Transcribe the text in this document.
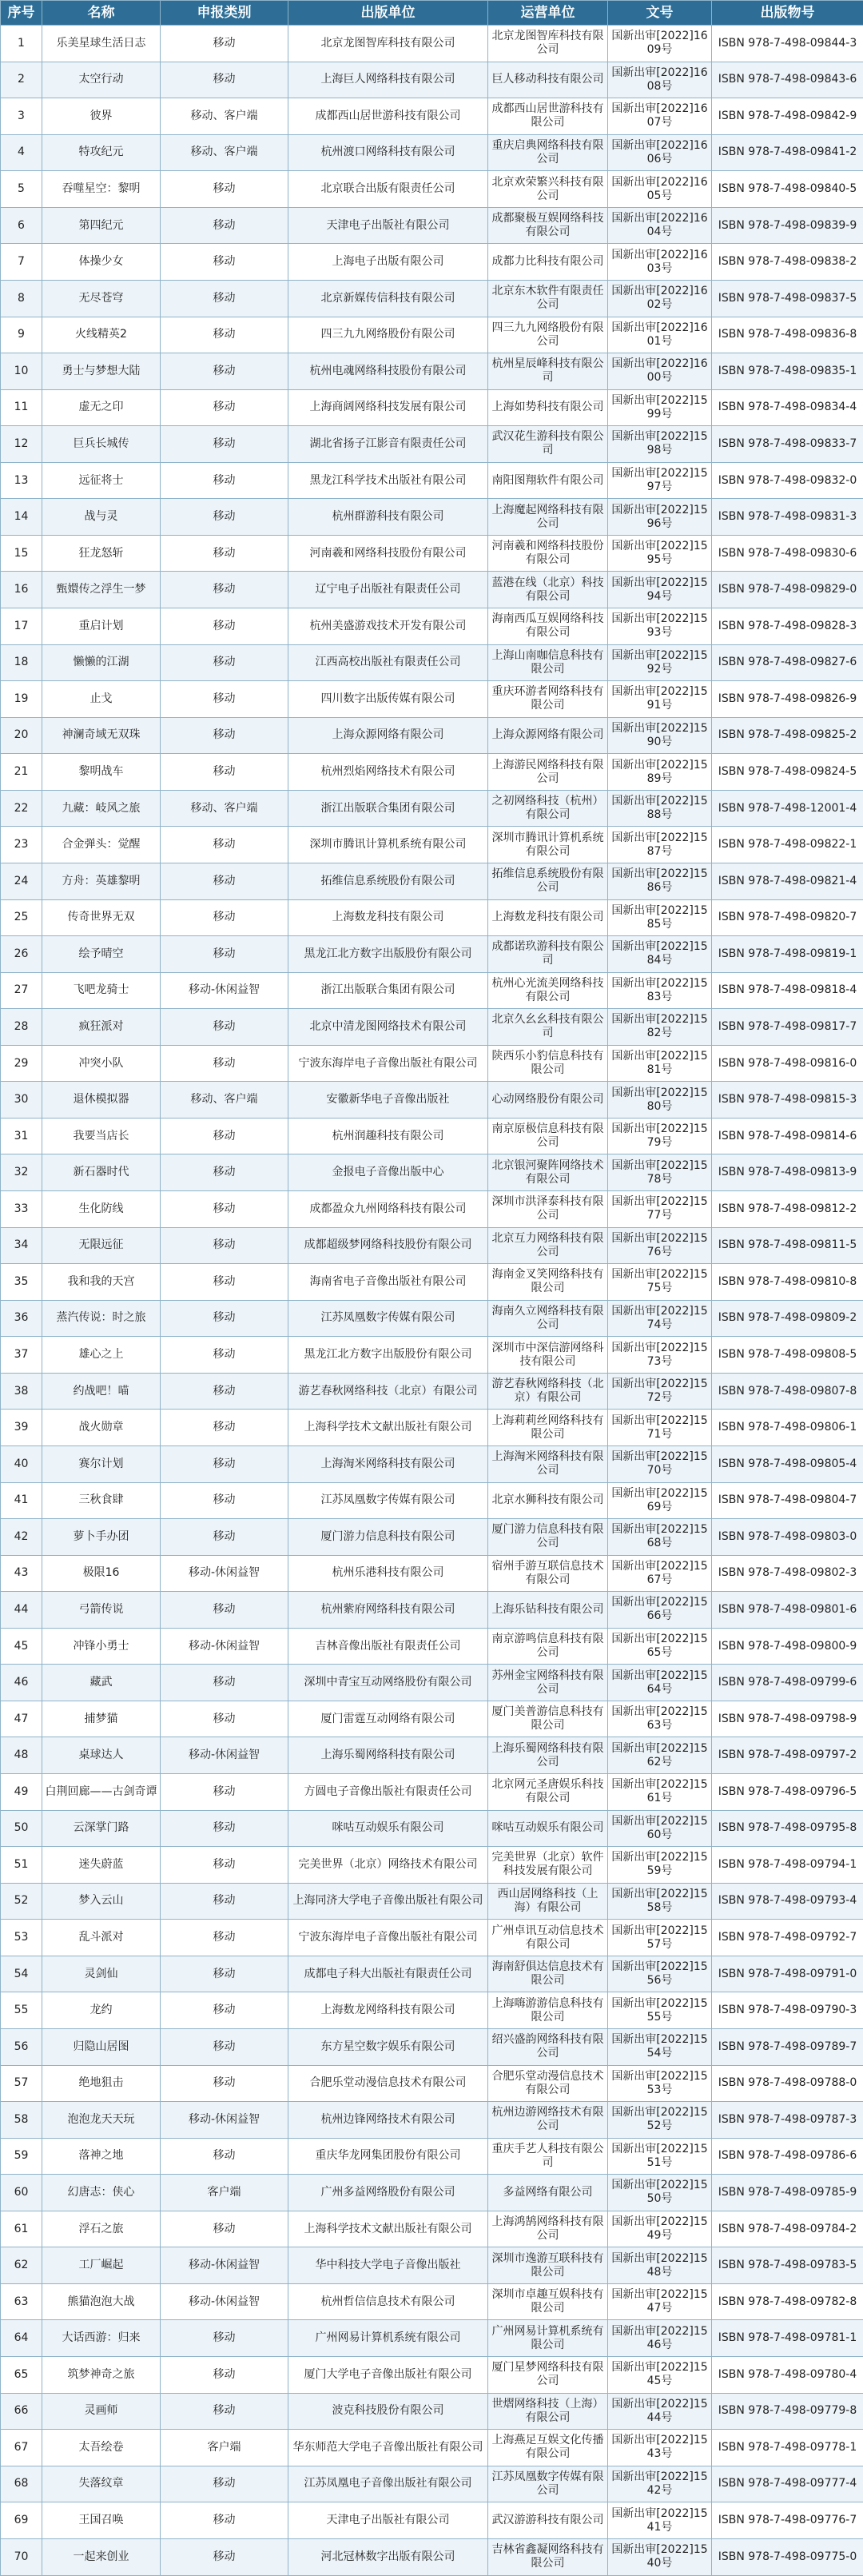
序号	名称	申报类别	出版单位	运营单位	文号	出版物号
1	乐美星球生活日志	移动	北京龙图智库科技有限公司	北京龙图智库科技有限公司	国新出审[2022]1609号	ISBN 978-7-498-09844-3
2	太空行动	移动	上海巨人网络科技有限公司	巨人移动科技有限公司	国新出审[2022]1608号	ISBN 978-7-498-09843-6
3	彼界	移动、客户端	成都西山居世游科技有限公司	成都西山居世游科技有限公司	国新出审[2022]1607号	ISBN 978-7-498-09842-9
4	特攻纪元	移动、客户端	杭州渡口网络科技有限公司	重庆启典网络科技有限公司	国新出审[2022]1606号	ISBN 978-7-498-09841-2
5	吞噬星空：黎明	移动	北京联合出版有限责任公司	北京欢荣繁兴科技有限公司	国新出审[2022]1605号	ISBN 978-7-498-09840-5
6	第四纪元	移动	天津电子出版社有限公司	成都聚极互娱网络科技有限公司	国新出审[2022]1604号	ISBN 978-7-498-09839-9
7	体操少女	移动	上海电子出版有限公司	成都力比科技有限公司	国新出审[2022]1603号	ISBN 978-7-498-09838-2
8	无尽苍穹	移动	北京新媒传信科技有限公司	北京东木软件有限责任公司	国新出审[2022]1602号	ISBN 978-7-498-09837-5
9	火线精英2	移动	四三九九网络股份有限公司	四三九九网络股份有限公司	国新出审[2022]1601号	ISBN 978-7-498-09836-8
10	勇士与梦想大陆	移动	杭州电魂网络科技股份有限公司	杭州星辰峰科技有限公司	国新出审[2022]1600号	ISBN 978-7-498-09835-1
11	虚无之印	移动	上海商阔网络科技发展有限公司	上海如势科技有限公司	国新出审[2022]1599号	ISBN 978-7-498-09834-4
12	巨兵长城传	移动	湖北省扬子江影音有限责任公司	武汉花生游科技有限公司	国新出审[2022]1598号	ISBN 978-7-498-09833-7
13	远征将士	移动	黑龙江科学技术出版社有限公司	南阳图翔软件有限公司	国新出审[2022]1597号	ISBN 978-7-498-09832-0
14	战与灵	移动	杭州群游科技有限公司	上海魔起网络科技有限公司	国新出审[2022]1596号	ISBN 978-7-498-09831-3
15	狂龙怒斩	移动	河南羲和网络科技股份有限公司	河南羲和网络科技股份有限公司	国新出审[2022]1595号	ISBN 978-7-498-09830-6
16	甄嬛传之浮生一梦	移动	辽宁电子出版社有限责任公司	蓝港在线（北京）科技有限公司	国新出审[2022]1594号	ISBN 978-7-498-09829-0
17	重启计划	移动	杭州美盛游戏技术开发有限公司	海南西瓜互娱网络科技有限公司	国新出审[2022]1593号	ISBN 978-7-498-09828-3
18	懒懒的江湖	移动	江西高校出版社有限责任公司	上海山南咖信息科技有限公司	国新出审[2022]1592号	ISBN 978-7-498-09827-6
19	止戈	移动	四川数字出版传媒有限公司	重庆环游者网络科技有限公司	国新出审[2022]1591号	ISBN 978-7-498-09826-9
20	神澜奇域无双珠	移动	上海众源网络有限公司	上海众源网络有限公司	国新出审[2022]1590号	ISBN 978-7-498-09825-2
21	黎明战车	移动	杭州烈焰网络技术有限公司	上海游民网络科技有限公司	国新出审[2022]1589号	ISBN 978-7-498-09824-5
22	九藏：岐风之旅	移动、客户端	浙江出版联合集团有限公司	之初网络科技（杭州）有限公司	国新出审[2022]1588号	ISBN 978-7-498-12001-4
23	合金弹头：觉醒	移动	深圳市腾讯计算机系统有限公司	深圳市腾讯计算机系统有限公司	国新出审[2022]1587号	ISBN 978-7-498-09822-1
24	方舟：英雄黎明	移动	拓维信息系统股份有限公司	拓维信息系统股份有限公司	国新出审[2022]1586号	ISBN 978-7-498-09821-4
25	传奇世界无双	移动	上海数龙科技有限公司	上海数龙科技有限公司	国新出审[2022]1585号	ISBN 978-7-498-09820-7
26	绘予晴空	移动	黑龙江北方数字出版股份有限公司	成都诺玖游科技有限公司	国新出审[2022]1584号	ISBN 978-7-498-09819-1
27	飞吧龙骑士	移动-休闲益智	浙江出版联合集团有限公司	杭州心光流美网络科技有限公司	国新出审[2022]1583号	ISBN 978-7-498-09818-4
28	疯狂派对	移动	北京中清龙图网络技术有限公司	北京久幺幺科技有限公司	国新出审[2022]1582号	ISBN 978-7-498-09817-7
29	冲突小队	移动	宁波东海岸电子音像出版社有限公司	陕西乐小豹信息科技有限公司	国新出审[2022]1581号	ISBN 978-7-498-09816-0
30	退休模拟器	移动、客户端	安徽新华电子音像出版社	心动网络股份有限公司	国新出审[2022]1580号	ISBN 978-7-498-09815-3
31	我要当店长	移动	杭州润趣科技有限公司	南京原极信息科技有限公司	国新出审[2022]1579号	ISBN 978-7-498-09814-6
32	新石器时代	移动	金报电子音像出版中心	北京银河聚阵网络技术有限公司	国新出审[2022]1578号	ISBN 978-7-498-09813-9
33	生化防线	移动	成都盈众九州网络科技有限公司	深圳市洪泽泰科技有限公司	国新出审[2022]1577号	ISBN 978-7-498-09812-2
34	无限远征	移动	成都超级梦网络科技股份有限公司	北京互力网络科技有限公司	国新出审[2022]1576号	ISBN 978-7-498-09811-5
35	我和我的天宫	移动	海南省电子音像出版社有限公司	海南金叉笑网络科技有限公司	国新出审[2022]1575号	ISBN 978-7-498-09810-8
36	蒸汽传说：时之旅	移动	江苏凤凰数字传媒有限公司	海南久立网络科技有限公司	国新出审[2022]1574号	ISBN 978-7-498-09809-2
37	雄心之上	移动	黑龙江北方数字出版股份有限公司	深圳市中深信游网络科技有限公司	国新出审[2022]1573号	ISBN 978-7-498-09808-5
38	约战吧！喵	移动	游艺春秋网络科技（北京）有限公司	游艺春秋网络科技（北京）有限公司	国新出审[2022]1572号	ISBN 978-7-498-09807-8
39	战火勋章	移动	上海科学技术文献出版社有限公司	上海莉莉丝网络科技有限公司	国新出审[2022]1571号	ISBN 978-7-498-09806-1
40	赛尔计划	移动	上海淘米网络科技有限公司	上海淘米网络科技有限公司	国新出审[2022]1570号	ISBN 978-7-498-09805-4
41	三秋食肆	移动	江苏凤凰数字传媒有限公司	北京水狮科技有限公司	国新出审[2022]1569号	ISBN 978-7-498-09804-7
42	萝卜手办团	移动	厦门游力信息科技有限公司	厦门游力信息科技有限公司	国新出审[2022]1568号	ISBN 978-7-498-09803-0
43	极限16	移动-休闲益智	杭州乐港科技有限公司	宿州手游互联信息技术有限公司	国新出审[2022]1567号	ISBN 978-7-498-09802-3
44	弓箭传说	移动	杭州紫府网络科技有限公司	上海乐钻科技有限公司	国新出审[2022]1566号	ISBN 978-7-498-09801-6
45	冲锋小勇士	移动-休闲益智	吉林音像出版社有限责任公司	南京游鸣信息科技有限公司	国新出审[2022]1565号	ISBN 978-7-498-09800-9
46	藏武	移动	深圳中青宝互动网络股份有限公司	苏州金宝网络科技有限公司	国新出审[2022]1564号	ISBN 978-7-498-09799-6
47	捕梦猫	移动	厦门雷霆互动网络有限公司	厦门美普游信息科技有限公司	国新出审[2022]1563号	ISBN 978-7-498-09798-9
48	桌球达人	移动-休闲益智	上海乐蜀网络科技有限公司	上海乐蜀网络科技有限公司	国新出审[2022]1562号	ISBN 978-7-498-09797-2
49	白荆回廊——古剑奇谭	移动	方圆电子音像出版社有限责任公司	北京网元圣唐娱乐科技有限公司	国新出审[2022]1561号	ISBN 978-7-498-09796-5
50	云深掌门路	移动	咪咕互动娱乐有限公司	咪咕互动娱乐有限公司	国新出审[2022]1560号	ISBN 978-7-498-09795-8
51	迷失蔚蓝	移动	完美世界（北京）网络技术有限公司	完美世界（北京）软件科技发展有限公司	国新出审[2022]1559号	ISBN 978-7-498-09794-1
52	梦入云山	移动	上海同济大学电子音像出版社有限公司	西山居网络科技（上海）有限公司	国新出审[2022]1558号	ISBN 978-7-498-09793-4
53	乱斗派对	移动	宁波东海岸电子音像出版社有限公司	广州卓讯互动信息技术有限公司	国新出审[2022]1557号	ISBN 978-7-498-09792-7
54	灵剑仙	移动	成都电子科大出版社有限责任公司	海南舒俱达信息技术有限公司	国新出审[2022]1556号	ISBN 978-7-498-09791-0
55	龙约	移动	上海数龙网络科技有限公司	上海嗨游游信息科技有限公司	国新出审[2022]1555号	ISBN 978-7-498-09790-3
56	归隐山居图	移动	东方星空数字娱乐有限公司	绍兴盛韵网络科技有限公司	国新出审[2022]1554号	ISBN 978-7-498-09789-7
57	绝地狙击	移动	合肥乐堂动漫信息技术有限公司	合肥乐堂动漫信息技术有限公司	国新出审[2022]1553号	ISBN 978-7-498-09788-0
58	泡泡龙天天玩	移动-休闲益智	杭州边锋网络技术有限公司	杭州边游网络技术有限公司	国新出审[2022]1552号	ISBN 978-7-498-09787-3
59	落神之地	移动	重庆华龙网集团股份有限公司	重庆手艺人科技有限公司	国新出审[2022]1551号	ISBN 978-7-498-09786-6
60	幻唐志：侠心	客户端	广州多益网络股份有限公司	多益网络有限公司	国新出审[2022]1550号	ISBN 978-7-498-09785-9
61	浮石之旅	移动	上海科学技术文献出版社有限公司	上海鸿鹄网络科技有限公司	国新出审[2022]1549号	ISBN 978-7-498-09784-2
62	工厂崛起	移动-休闲益智	华中科技大学电子音像出版社	深圳市逸游互联科技有限公司	国新出审[2022]1548号	ISBN 978-7-498-09783-5
63	熊猫泡泡大战	移动-休闲益智	杭州哲信信息技术有限公司	深圳市卓趣互娱科技有限公司	国新出审[2022]1547号	ISBN 978-7-498-09782-8
64	大话西游：归来	移动	广州网易计算机系统有限公司	广州网易计算机系统有限公司	国新出审[2022]1546号	ISBN 978-7-498-09781-1
65	筑梦神奇之旅	移动	厦门大学电子音像出版社有限公司	厦门星梦网络科技有限公司	国新出审[2022]1545号	ISBN 978-7-498-09780-4
66	灵画师	移动	波克科技股份有限公司	世熠网络科技（上海）有限公司	国新出审[2022]1544号	ISBN 978-7-498-09779-8
67	太吾绘卷	客户端	华东师范大学电子音像出版社有限公司	上海燕足互娱文化传播有限公司	国新出审[2022]1543号	ISBN 978-7-498-09778-1
68	失落纹章	移动	江苏凤凰电子音像出版社有限公司	江苏凤凰数字传媒有限公司	国新出审[2022]1542号	ISBN 978-7-498-09777-4
69	王国召唤	移动	天津电子出版社有限公司	武汉游游科技有限公司	国新出审[2022]1541号	ISBN 978-7-498-09776-7
70	一起来创业	移动	河北冠林数字出版有限公司	吉林省鑫凝网络科技有限公司	国新出审[2022]1540号	ISBN 978-7-498-09775-0
